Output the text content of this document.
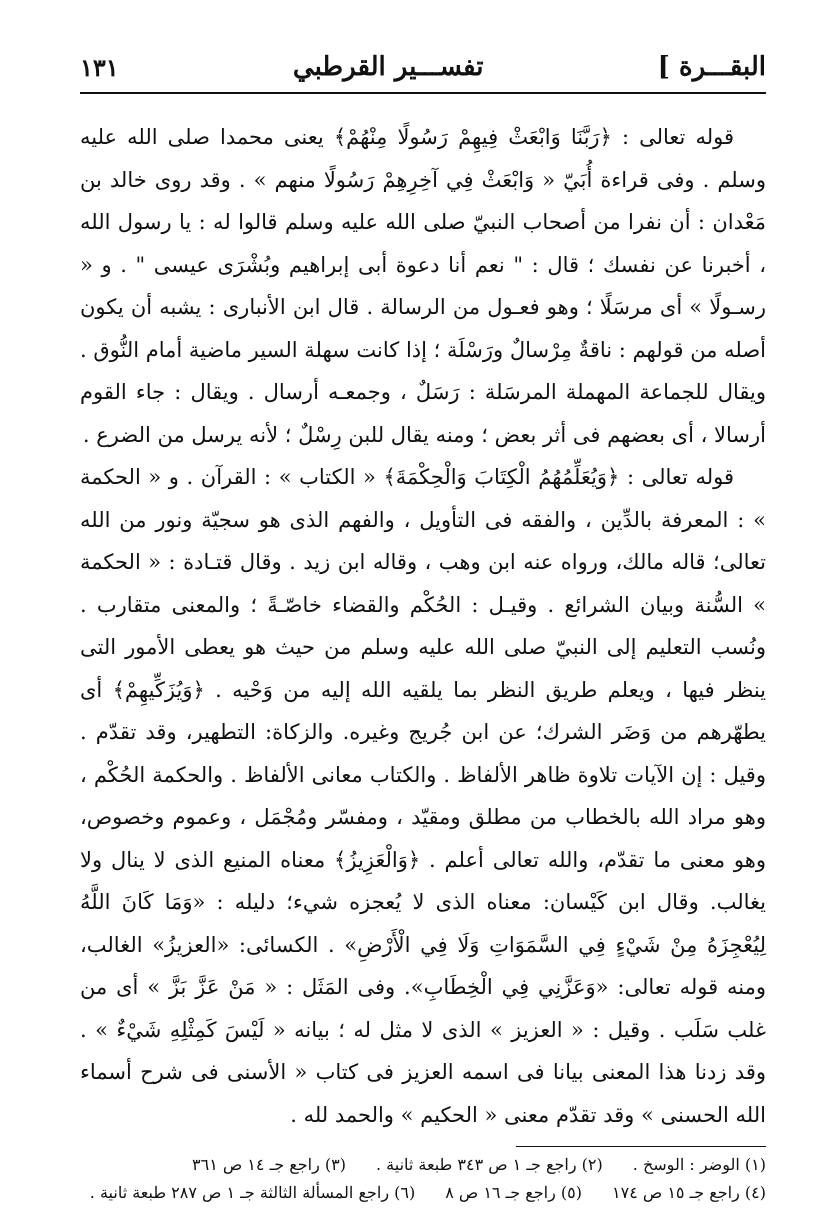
البقـــرة ]
تفســـير القرطبي
١٣١

قوله تعالى : ﴿رَبَّنَا وَابْعَثْ فِيهِمْ رَسُولًا مِنْهُمْ﴾ يعنى محمدا صلى الله عليه وسلم . وفى قراءة أُبَيّ « وَابْعَثْ فِي آخِرِهِمْ رَسُولًا منهم » . وقد روى خالد بن مَعْدان : أن نفرا من أصحاب النبيّ صلى الله عليه وسلم قالوا له : يا رسول الله ، أخبرنا عن نفسك ؛ قال : " نعم أنا دعوة أبى إبراهيم وبُشْرَى عيسى " . و « رسـولًا » أى مرسَلًا ؛ وهو فعـول من الرسالة . قال ابن الأنبارى : يشبه أن يكون أصله من قولهم : ناقةٌ مِرْسالٌ ورَسْلَة ؛ إذا كانت سهلة السير ماضية أمام النُّوق . ويقال للجماعة المهملة المرسَلة : رَسَلٌ ، وجمعـه أرسال . ويقال : جاء القوم أرسالا ، أى بعضهم فى أثر بعض ؛ ومنه يقال للبن رِسْلٌ ؛ لأنه يرسل من الضرع .

قوله تعالى : ﴿وَيُعَلِّمُهُمُ الْكِتَابَ وَالْحِكْمَةَ﴾ « الكتاب » : القرآن . و « الحكمة » : المعرفة بالدِّين ، والفقه فى التأويل ، والفهم الذى هو سجيّة ونور من الله تعالى؛ قاله مالك، ورواه عنه ابن وهب ، وقاله ابن زيد . وقال قتـادة : « الحكمة » السُّنة وبيان الشرائع . وقيـل : الحُكْم والقضاء خاصّـةً ؛ والمعنى متقارب . ونُسب التعليم إلى النبيّ صلى الله عليه وسلم من حيث هو يعطى الأمور التى ينظر فيها ، ويعلم طريق النظر بما يلقيه الله إليه من وَحْيه . ﴿وَيُزَكِّيهِمْ﴾ أى يطهّرهم من وَضَر الشرك؛ عن ابن جُريج وغيره. والزكاة: التطهير، وقد تقدّم . وقيل : إن الآيات تلاوة ظاهر الألفاظ . والكتاب معانى الألفاظ . والحكمة الحُكْم ، وهو مراد الله بالخطاب من مطلق ومقيّد ، ومفسّر ومُجْمَل ، وعموم وخصوص، وهو معنى ما تقدّم، والله تعالى أعلم . ﴿وَالْعَزِيزُ﴾ معناه المنيع الذى لا ينال ولا يغالب. وقال ابن كَيْسان: معناه الذى لا يُعجزه شيء؛ دليله : «وَمَا كَانَ اللَّهُ لِيُعْجِزَهُ مِنْ شَيْءٍ فِي السَّمَوَاتِ وَلَا فِي الْأَرْضِ» . الكسائى: «العزيزُ» الغالب، ومنه قوله تعالى: «وَعَزَّنِي فِي الْخِطَابِ». وفى المَثَل : « مَنْ عَزَّ بَزَّ » أى من غلب سَلَب . وقيل : « العزيز » الذى لا مثل له ؛ بيانه « لَيْسَ كَمِثْلِهِ شَيْءٌ » . وقد زدنا هذا المعنى بيانا فى اسمه العزيز فى كتاب « الأسنى فى شرح أسماء الله الحسنى » وقد تقدّم معنى « الحكيم » والحمد لله .

(١) الوضر : الوسخ .
(٢) راجع جـ ١ ص ٣٤٣ طبعة ثانية .
(٣) راجع جـ ١٤ ص ٣٦١
(٤) راجع جـ ١٥ ص ١٧٤
(٥) راجع جـ ١٦ ص ٨
(٦) راجع المسألة الثالثة جـ ١ ص ٢٨٧ طبعة ثانية .
